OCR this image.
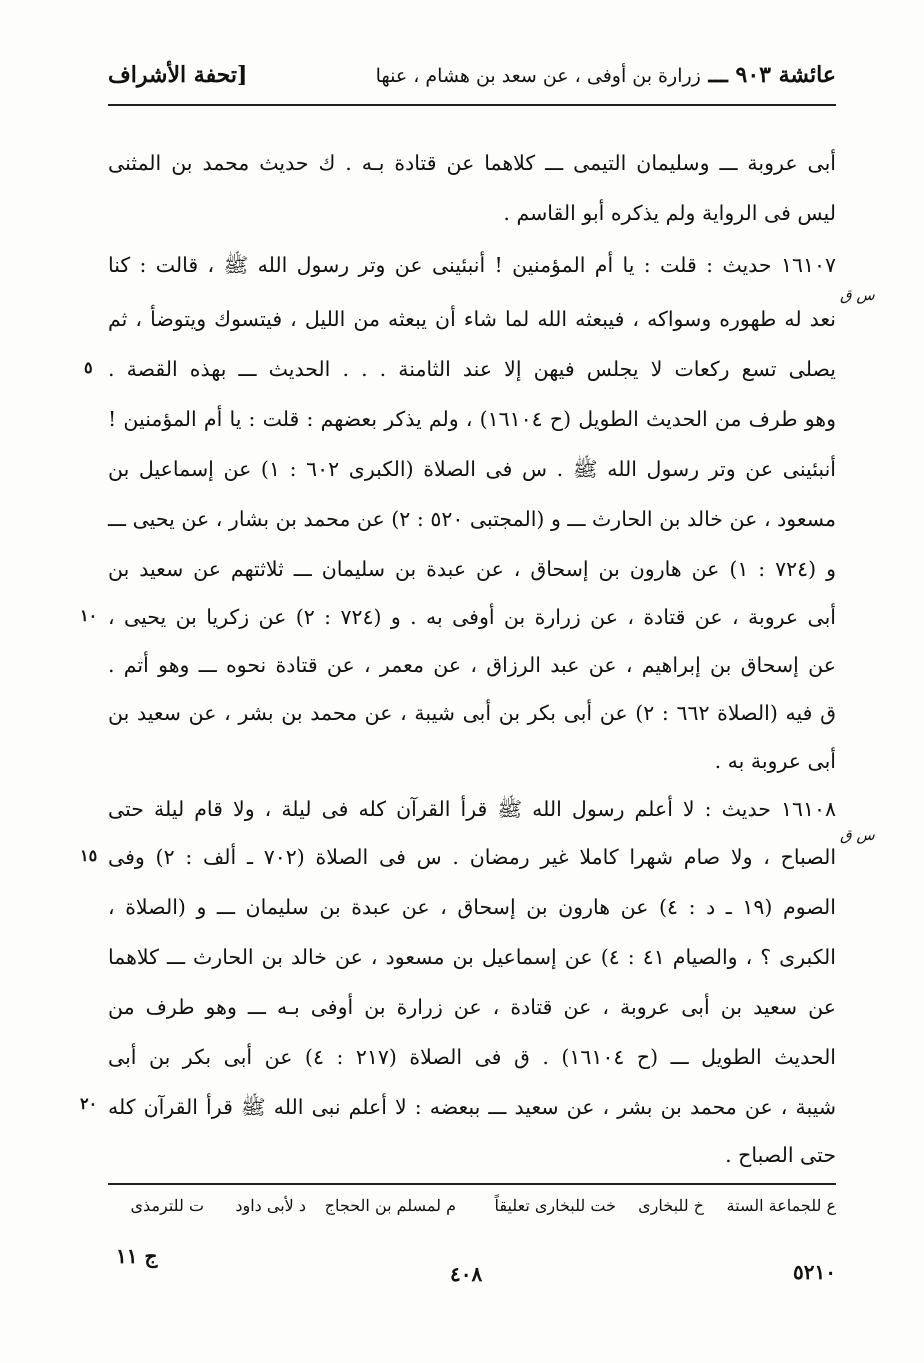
عائشة ٩٠٣ ـــ زرارة بن أوفى ، عن سعد بن هشام ، عنها
[تحفة الأشراف
أبى عروبة ـــ وسليمان التيمى ـــ كلاهما عن قتادة بـه . ﻙ حديث محمد بن المثنى
ليس فى الرواية ولم يذكره أبو القاسم .
١٦١٠٧ حديث : قلت : يا أم المؤمنين ! أنبئينى عن وتر رسول الله ﷺ ، قالت : كنا
نعد له طهوره وسواكه ، فيبعثه الله لما شاء أن يبعثه من الليل ، فيتسوك ويتوضأ ، ثم
يصلى تسع ركعات لا يجلس فيهن إلا عند الثامنة . . . الحديث ـــ بهذه القصة .
وهو طرف من الحديث الطويل (ح ١٦١٠٤) ، ولم يذكر بعضهم : قلت : يا أم المؤمنين !
أنبئينى عن وتر رسول الله ﷺ . س فى الصلاة (الكبرى ٦٠٢ : ١) عن إسماعيل بن
مسعود ، عن خالد بن الحارث ـــ و (المجتبى ٥٢٠ : ٢) عن محمد بن بشار ، عن يحيى ـــ
و (٧٢٤ : ١) عن هارون بن إسحاق ، عن عبدة بن سليمان ـــ ثلاثتهم عن سعيد بن
أبى عروبة ، عن قتادة ، عن زرارة بن أوفى به . و (٧٢٤ : ٢) عن زكريا بن يحيى ،
عن إسحاق بن إبراهيم ، عن عبد الرزاق ، عن معمر ، عن قتادة نحوه ـــ وهو أتم .
ق فيه (الصلاة ٦٦٢ : ٢) عن أبى بكر بن أبى شيبة ، عن محمد بن بشر ، عن سعيد بن
أبى عروبة به .
١٦١٠٨ حديث : لا أعلم رسول الله ﷺ قرأ القرآن كله فى ليلة ، ولا قام ليلة حتى
الصباح ، ولا صام شهرا كاملا غير رمضان . س فى الصلاة (٧٠٢ ـ ألف : ٢) وفى
الصوم (١٩ ـ د : ٤) عن هارون بن إسحاق ، عن عبدة بن سليمان ـــ و (الصلاة ،
الكبرى ؟ ، والصيام ٤١ : ٤) عن إسماعيل بن مسعود ، عن خالد بن الحارث ـــ كلاهما
عن سعيد بن أبى عروبة ، عن قتادة ، عن زرارة بن أوفى بـه ـــ وهو طرف من
الحديث الطويل ـــ (ح ١٦١٠٤) . ق فى الصلاة (٢١٧ : ٤) عن أبى بكر بن أبى
شيبة ، عن محمد بن بشر ، عن سعيد ـــ ببعضه : لا أعلم نبى الله ﷺ قرأ القرآن كله
حتى الصباح .
س ق
س ق
٥
١٠
١٥
٢٠
ع للجماعة الستة
خ للبخارى
خت للبخارى تعليقاً
م لمسلم بن الحجاج
د لأبى داود
ت للترمذى
٥٢١٠
٤٠٨
ج ١١
